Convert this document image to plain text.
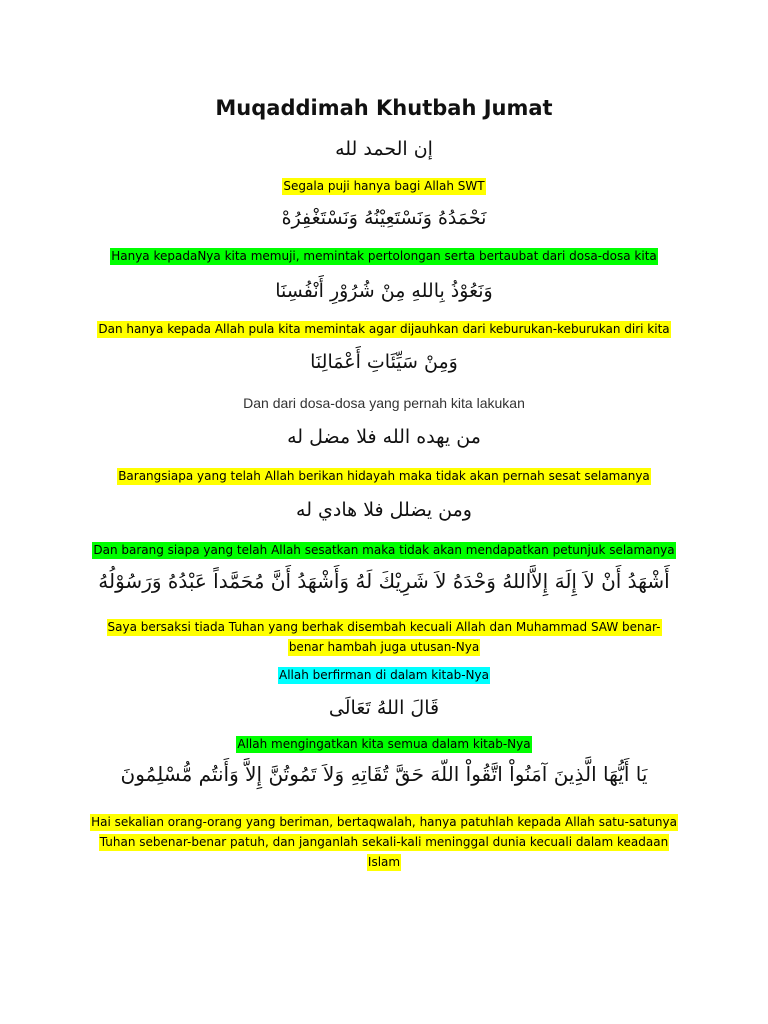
Muqaddimah Khutbah Jumat
إن الحمد لله
Segala puji hanya bagi Allah SWT
نَحْمَدُهُ وَنَسْتَعِيْنُهُ وَنَسْتَغْفِرُهْ
Hanya kepadaNya kita memuji, memintak pertolongan serta bertaubat dari dosa-dosa kita
وَنَعُوْذُ بِاللهِ مِنْ شُرُوْرِ أَنْفُسِنَا
Dan hanya kepada Allah pula kita memintak agar dijauhkan dari keburukan-keburukan diri kita
وَمِنْ سَيِّئَاتِ أَعْمَالِنَا
Dan dari dosa-dosa yang pernah kita lakukan
من يهده الله فلا مضل له
Barangsiapa yang telah Allah berikan hidayah maka tidak akan pernah sesat selamanya
ومن يضلل فلا هادي له
Dan barang siapa yang telah Allah sesatkan maka tidak akan mendapatkan petunjuk selamanya
أَشْهَدُ أَنْ لاَ إِلَهَ إِلاَّاللهُ وَحْدَهُ لاَ شَرِيْكَ لَهُ وَأَشْهَدُ أَنَّ مُحَمَّداً عَبْدُهُ وَرَسُوْلُهُ
Saya bersaksi tiada Tuhan yang berhak disembah kecuali Allah dan Muhammad SAW benar-benar hambah juga utusan-Nya
Allah berfirman di dalam kitab-Nya
قَالَ اللهُ تَعَالَى
Allah mengingatkan kita semua dalam kitab-Nya
يَا أَيُّهَا الَّذِينَ آمَنُواْ اتَّقُواْ اللّهَ حَقَّ تُقَاتِهِ وَلاَ تَمُوتُنَّ إِلاَّ وَأَنتُم مُّسْلِمُونَ
Hai sekalian orang-orang yang beriman, bertaqwalah, hanya patuhlah kepada Allah satu-satunya Tuhan sebenar-benar patuh, dan janganlah sekali-kali meninggal dunia kecuali dalam keadaan Islam
